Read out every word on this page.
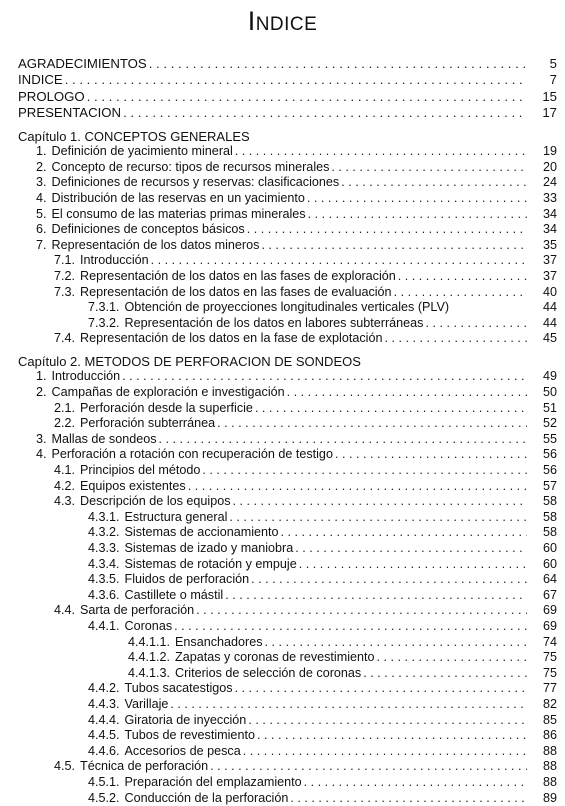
Indice
AGRADECIMIENTOS . . .	5
INDICE . . .	7
PROLOGO . . .	15
PRESENTACION . . .	17
Capítulo 1. CONCEPTOS GENERALES
1. Definición de yacimiento mineral . . .	19
2. Concepto de recurso: tipos de recursos minerales . . .	20
3. Definiciones de recursos y reservas: clasificaciones . . .	24
4. Distribución de las reservas en un yacimiento . . .	33
5. El consumo de las materias primas minerales . . .	34
6. Definiciones de conceptos básicos . . .	34
7. Representación de los datos mineros . . .	35
7.1. Introducción . . .	37
7.2. Representación de los datos en las fases de exploración . . .	37
7.3. Representación de los datos en las fases de evaluación . . .	40
7.3.1. Obtención de proyecciones longitudinales verticales (PLV)	44
7.3.2. Representación de los datos en labores subterráneas . . .	44
7.4. Representación de los datos en la fase de explotación . . .	45
Capítulo 2. METODOS DE PERFORACION DE SONDEOS
1. Introducción . . .	49
2. Campañas de exploración e investigación . . .	50
2.1. Perforación desde la superficie . . .	51
2.2. Perforación subterránea . . .	52
3. Mallas de sondeos . . .	55
4. Perforación a rotación con recuperación de testigo . . .	56
4.1. Principios del método . . .	56
4.2. Equipos existentes . . .	57
4.3. Descripción de los equipos . . .	58
4.3.1. Estructura general . . .	58
4.3.2. Sistemas de accionamiento . . .	58
4.3.3. Sistemas de izado y maniobra . . .	60
4.3.4. Sistemas de rotación y empuje . . .	60
4.3.5. Fluidos de perforación . . .	64
4.3.6. Castillete o mástil . . .	67
4.4. Sarta de perforación . . .	69
4.4.1. Coronas . . .	69
4.4.1.1. Ensanchadores . . .	74
4.4.1.2. Zapatas y coronas de revestimiento . . .	75
4.4.1.3. Criterios de selección de coronas . . .	75
4.4.2. Tubos sacatestigos . . .	77
4.4.3. Varillaje . . .	82
4.4.4. Giratoria de inyección . . .	85
4.4.5. Tubos de revestimiento . . .	86
4.4.6. Accesorios de pesca . . .	88
4.5. Técnica de perforación . . .	88
4.5.1. Preparación del emplazamiento . . .	88
4.5.2. Conducción de la perforación . . .	89
